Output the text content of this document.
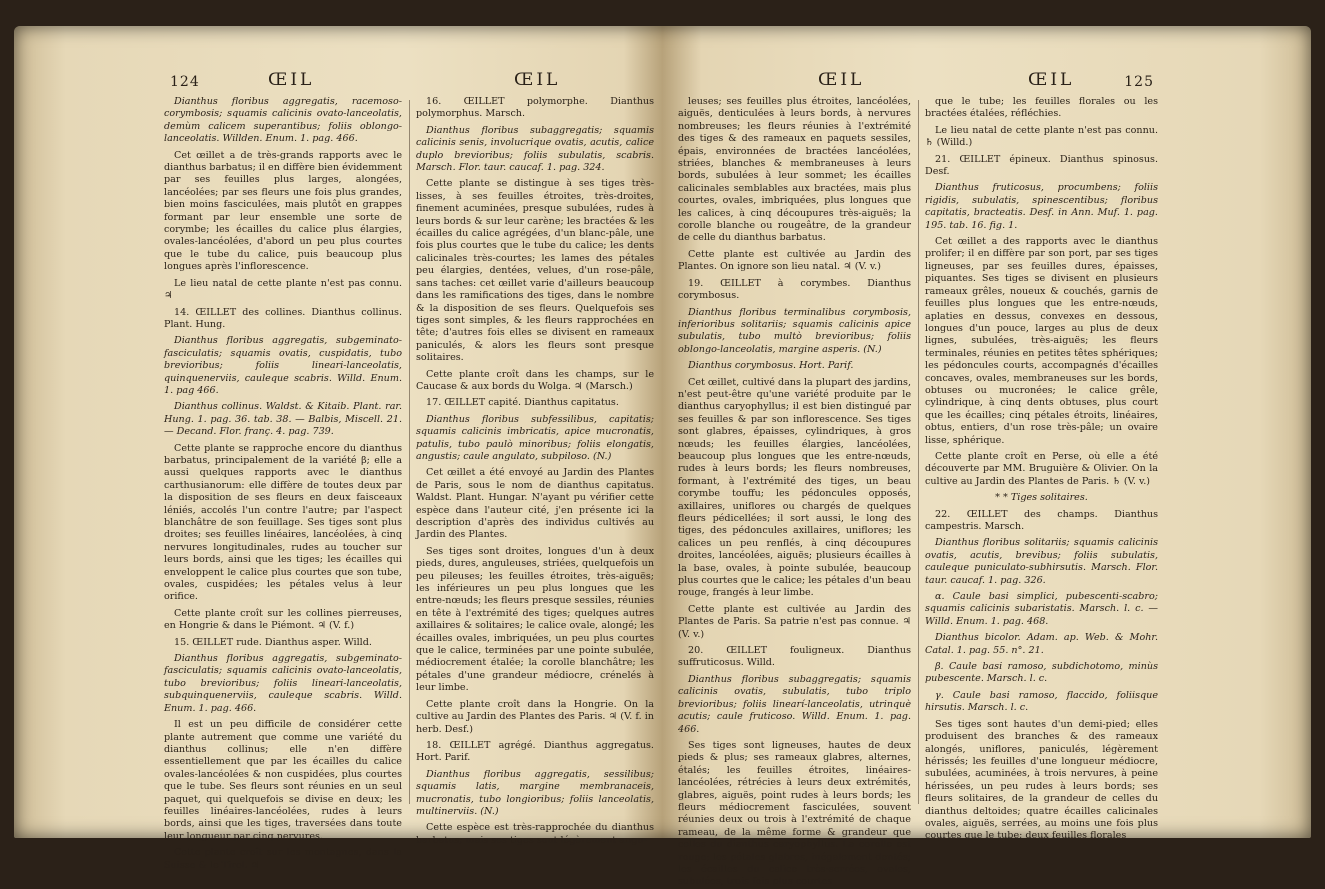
124	ŒIL	ŒIL

Dianthus floribus aggregatis, racemoso-corymbosis; squamis calicinis ovato-lanceolatis, demùm calicem superantibus; foliis oblongo-lanceolatis. Willden. Enum. 1. pag. 466.

Cet œillet a de très-grands rapports avec le dianthus barbatus; il en diffère bien évidemment par ses feuilles plus larges, alongées, lancéolées; par ses fleurs une fois plus grandes, bien moins fasciculées, mais plutôt en grappes formant par leur ensemble une sorte de corymbe; les écailles du calice plus élargies, ovales-lancéolées, d'abord un peu plus courtes que le tube du calice, puis beaucoup plus longues après l'inflorescence.

Le lieu natal de cette plante n'est pas connu. ♃

14. ŒILLET des collines. Dianthus collinus. Plant. Hung.

Dianthus floribus aggregatis, subgeminato-fasciculatis; squamis ovatis, cuspidatis, tubo brevioribus; foliis lineari-lanceolatis, quinquenerviis, cauleque scabris. Willd. Enum. 1. pag 466.

Dianthus collinus. Waldst. & Kitaib. Plant. rar. Hung. 1. pag. 36. tab. 38. — Balbis, Miscell. 21. — Decand. Flor. franç. 4. pag. 739.

Cette plante se rapproche encore du dianthus barbatus, principalement de la variété β; elle a aussi quelques rapports avec le dianthus carthusianorum: elle diffère de toutes deux par la disposition de ses fleurs en deux faisceaux léniés, accolés l'un contre l'autre; par l'aspect blanchâtre de son feuillage. Ses tiges sont plus droites; ses feuilles linéaires, lancéolées, à cinq nervures longitudinales, rudes au toucher sur leurs bords, ainsi que les tiges; les écailles qui enveloppent le calice plus courtes que son tube, ovales, cuspidées; les pétales velus à leur orifice.

Cette plante croît sur les collines pierreuses, en Hongrie & dans le Piémont. ♃ (V. f.)

15. ŒILLET rude. Dianthus asper. Willd.

Dianthus floribus aggregatis, subgeminato-fasciculatis; squamis calicinis ovato-lanceolatis, tubo brevioribus; foliis lineari-lanceolatis, subquinquenerviis, cauleque scabris. Willd. Enum. 1. pag. 466.

Il est un peu difficile de considérer cette plante autrement que comme une variété du dianthus collinus; elle n'en diffère essentiellement que par les écailles du calice ovales-lancéolées & non cuspidées, plus courtes que le tube. Ses fleurs sont réunies en un seul paquet, qui quelquefois se divise en deux; les feuilles linéaires-lancéolées, rudes à leurs bords, ainsi que les tiges, traversées dans toute leur longueur par cinq nervures.

Cette plante croît sur les montagnes, dans la Suisse & le Tirol. ♃

16. ŒILLET polymorphe. Dianthus polymorphus. Marsch.

Dianthus floribus subaggregatis; squamis calicinis senis, involucrique ovatis, acutis, calice duplo brevioribus; foliis subulatis, scabris. Marsch. Flor. taur. caucaf. 1. pag. 324.

Cette plante se distingue à ses tiges très-lisses, à ses feuilles étroites, très-droites, finement acuminées, presque subulées, rudes à leurs bords & sur leur carène; les bractées & les écailles du calice agrégées, d'un blanc-pâle, une fois plus courtes que le tube du calice; les dents calicinales très-courtes; les lames des pétales peu élargies, dentées, velues, d'un rose-pâle, sans taches: cet œillet varie d'ailleurs beaucoup dans les ramifications des tiges, dans le nombre & la disposition de ses fleurs. Quelquefois ses tiges sont simples, & les fleurs rapprochées en tête; d'autres fois elles se divisent en rameaux paniculés, & alors les fleurs sont presque solitaires.

Cette plante croît dans les champs, sur le Caucase & aux bords du Wolga. ♃ (Marsch.)

17. ŒILLET capité. Dianthus capitatus.

Dianthus floribus subfessilibus, capitatis; squamis calicinis imbricatis, apice mucronatis, patulis, tubo paulò minoribus; foliis elongatis, angustis; caule angulato, subpiloso. (N.)

Cet œillet a été envoyé au Jardin des Plantes de Paris, sous le nom de dianthus capitatus. Waldst. Plant. Hungar. N'ayant pu vérifier cette espèce dans l'auteur cité, j'en présente ici la description d'après des individus cultivés au Jardin des Plantes.

Ses tiges sont droites, longues d'un à deux pieds, dures, anguleuses, striées, quelquefois un peu pileuses; les feuilles étroites, très-aiguës; les inférieures un peu plus longues que les entre-nœuds; les fleurs presque sessiles, réunies en tête à l'extrémité des tiges; quelques autres axillaires & solitaires; le calice ovale, alongé; les écailles ovales, imbriquées, un peu plus courtes que le calice, terminées par une pointe subulée, médiocrement étalée; la corolle blanchâtre; les pétales d'une grandeur médiocre, crénelés à leur limbe.

Cette plante croît dans la Hongrie. On la cultive au Jardin des Plantes des Paris. ♃ (V. f. in herb. Desf.)

18. ŒILLET agrégé. Dianthus aggregatus. Hort. Parif.

Dianthus floribus aggregatis, sessilibus; squamis latis, margine membranaceis, mucronatis, tubo longioribus; foliis lanceolatis, multinerviis. (N.)

Cette espèce est très-rapprochée du dianthus barbatus; mais ses tiges sont légèrement angu-

ŒIL	ŒIL	125

leuses; ses feuilles plus étroites, lancéolées, aiguës, denticulées à leurs bords, à nervures nombreuses; les fleurs réunies à l'extrémité des tiges & des rameaux en paquets sessiles, épais, environnées de bractées lancéolées, striées, blanches & membraneuses à leurs bords, subulées à leur sommet; les écailles calicinales semblables aux bractées, mais plus courtes, ovales, imbriquées, plus longues que les calices, à cinq découpures très-aiguës; la corolle blanche ou rougeâtre, de la grandeur de celle du dianthus barbatus.

Cette plante est cultivée au Jardin des Plantes. On ignore son lieu natal. ♃ (V. v.)

19. ŒILLET à corymbes. Dianthus corymbosus.

Dianthus floribus terminalibus corymbosis, inferioribus solitariis; squamis calicinis apice subulatis, tubo multò brevioribus; foliis oblongo-lanceolatis, margine asperis. (N.)

Dianthus corymbosus. Hort. Parif.

Cet œillet, cultivé dans la plupart des jardins, n'est peut-être qu'une variété produite par le dianthus caryophyllus; il est bien distingué par ses feuilles & par son inflorescence. Ses tiges sont glabres, épaisses, cylindriques, à gros nœuds; les feuilles élargies, lancéolées, beaucoup plus longues que les entre-nœuds, rudes à leurs bords; les fleurs nombreuses, formant, à l'extrémité des tiges, un beau corymbe touffu; les pédoncules opposés, axillaires, uniflores ou chargés de quelques fleurs pédicellées; il sort aussi, le long des tiges, des pédoncules axillaires, uniflores; les calices un peu renflés, à cinq découpures droites, lancéolées, aiguës; plusieurs écailles à la base, ovales, à pointe subulée, beaucoup plus courtes que le calice; les pétales d'un beau rouge, frangés à leur limbe.

Cette plante est cultivée au Jardin des Plantes de Paris. Sa patrie n'est pas connue. ♃ (V. v.)

20. ŒILLET fouligneux. Dianthus suffruticosus. Willd.

Dianthus floribus subaggregatis; squamis calicinis ovatis, subulatis, tubo triplo brevioribus; foliis linearí-lanceolatis, utrinquè acutis; caule fruticoso. Willd. Enum. 1. pag. 466.

Ses tiges sont ligneuses, hautes de deux pieds & plus; ses rameaux glabres, alternes, étalés; les feuilles étroites, linéaires-lancéolées, rétrécies à leurs deux extrémités, glabres, aiguës, point rudes à leurs bords; les fleurs médiocrement fasciculées, souvent réunies deux ou trois à l'extrémité de chaque rameau, de la même forme & grandeur que celles du dianthus caryophyllus. La corolle est rouge; les pétales glabres, inégalement dentés; les écailles du calice très-serrées, ovales, subulées, trois fois plus courtes

que le tube; les feuilles florales ou les bractées étalées, réfléchies.

Le lieu natal de cette plante n'est pas connu. ♄ (Willd.)

21. ŒILLET épineux. Dianthus spinosus. Desf.

Dianthus fruticosus, procumbens; foliis rigidis, subulatis, spinescentibus; floribus capitatis, bracteatis. Desf. in Ann. Muf. 1. pag. 195. tab. 16. fig. 1.

Cet œillet a des rapports avec le dianthus prolifer; il en diffère par son port, par ses tiges ligneuses, par ses feuilles dures, épaisses, piquantes. Ses tiges se divisent en plusieurs rameaux grêles, noueux & couchés, garnis de feuilles plus longues que les entre-nœuds, aplaties en dessus, convexes en dessous, longues d'un pouce, larges au plus de deux lignes, subulées, très-aiguës; les fleurs terminales, réunies en petites têtes sphériques; les pédoncules courts, accompagnés d'écailles concaves, ovales, membraneuses sur les bords, obtuses ou mucronées; le calice grêle, cylindrique, à cinq dents obtuses, plus court que les écailles; cinq pétales étroits, linéaires, obtus, entiers, d'un rose très-pâle; un ovaire lisse, sphérique.

Cette plante croît en Perse, où elle a été découverte par MM. Bruguière & Olivier. On la cultive au Jardin des Plantes de Paris. ♄ (V. v.)

* * Tiges solitaires.

22. ŒILLET des champs. Dianthus campestris. Marsch.

Dianthus floribus solitariis; squamis calicinis ovatis, acutis, brevibus; foliis subulatis, cauleque puniculato-subhirsutis. Marsch. Flor. taur. caucaf. 1. pag. 326.

α. Caule basi simplici, pubescenti-scabro; squamis calicinis subaristatis. Marsch. l. c. — Willd. Enum. 1. pag. 468.

Dianthus bicolor. Adam. ap. Web. & Mohr. Catal. 1. pag. 55. n°. 21.

β. Caule basi ramoso, subdichotomo, minùs pubescente. Marsch. l. c.

γ. Caule basi ramoso, flaccido, foliisque hirsutis. Marsch. l. c.

Ses tiges sont hautes d'un demi-pied; elles produisent des branches & des rameaux alongés, uniflores, paniculés, légèrement hérissés; les feuilles d'une longueur médiocre, subulées, acuminées, à trois nervures, à peine hérissées, un peu rudes à leurs bords; ses fleurs solitaires, de la grandeur de celles du dianthus deltoides; quatre écailles calicinales ovales, aiguës, serrées, au moins une fois plus courtes que le tube; deux feuilles florales
